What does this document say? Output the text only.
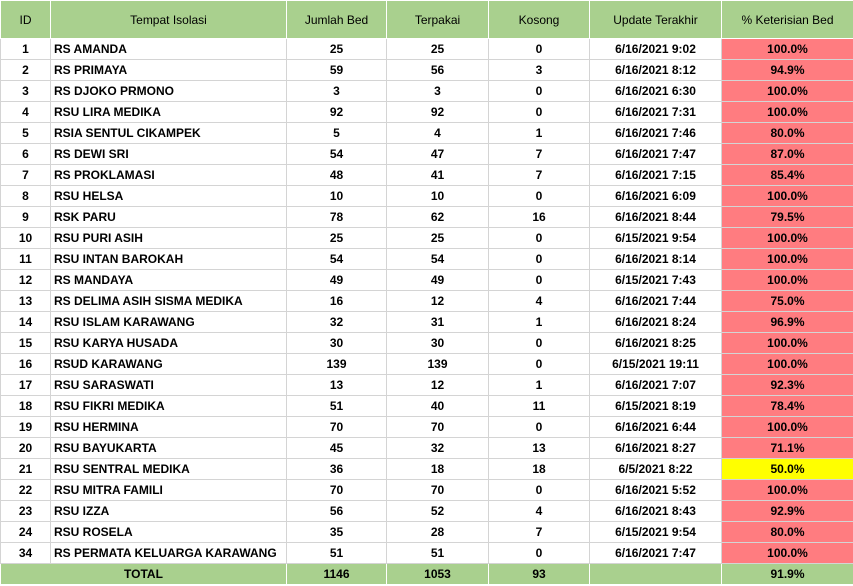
ID	Tempat Isolasi	Jumlah Bed	Terpakai	Kosong	Update Terakhir	% Keterisian Bed
1	RS AMANDA	25	25	0	6/16/2021 9:02	100.0%
2	RS PRIMAYA	59	56	3	6/16/2021 8:12	94.9%
3	RS DJOKO PRMONO	3	3	0	6/16/2021 6:30	100.0%
4	RSU LIRA MEDIKA	92	92	0	6/16/2021 7:31	100.0%
5	RSIA SENTUL CIKAMPEK	5	4	1	6/16/2021 7:46	80.0%
6	RS DEWI SRI	54	47	7	6/16/2021 7:47	87.0%
7	RS PROKLAMASI	48	41	7	6/16/2021 7:15	85.4%
8	RSU HELSA	10	10	0	6/16/2021 6:09	100.0%
9	RSK PARU	78	62	16	6/16/2021 8:44	79.5%
10	RSU PURI ASIH	25	25	0	6/15/2021 9:54	100.0%
11	RSU INTAN BAROKAH	54	54	0	6/16/2021 8:14	100.0%
12	RS MANDAYA	49	49	0	6/15/2021 7:43	100.0%
13	RS DELIMA ASIH SISMA MEDIKA	16	12	4	6/16/2021 7:44	75.0%
14	RSU ISLAM KARAWANG	32	31	1	6/16/2021 8:24	96.9%
15	RSU KARYA HUSADA	30	30	0	6/16/2021 8:25	100.0%
16	RSUD KARAWANG	139	139	0	6/15/2021 19:11	100.0%
17	RSU SARASWATI	13	12	1	6/16/2021 7:07	92.3%
18	RSU FIKRI MEDIKA	51	40	11	6/15/2021 8:19	78.4%
19	RSU HERMINA	70	70	0	6/16/2021 6:44	100.0%
20	RSU BAYUKARTA	45	32	13	6/16/2021 8:27	71.1%
21	RSU SENTRAL MEDIKA	36	18	18	6/5/2021 8:22	50.0%
22	RSU MITRA FAMILI	70	70	0	6/16/2021 5:52	100.0%
23	RSU IZZA	56	52	4	6/16/2021 8:43	92.9%
24	RSU ROSELA	35	28	7	6/15/2021 9:54	80.0%
34	RS PERMATA KELUARGA KARAWANG	51	51	0	6/16/2021 7:47	100.0%
TOTAL		1146	1053	93		91.9%
